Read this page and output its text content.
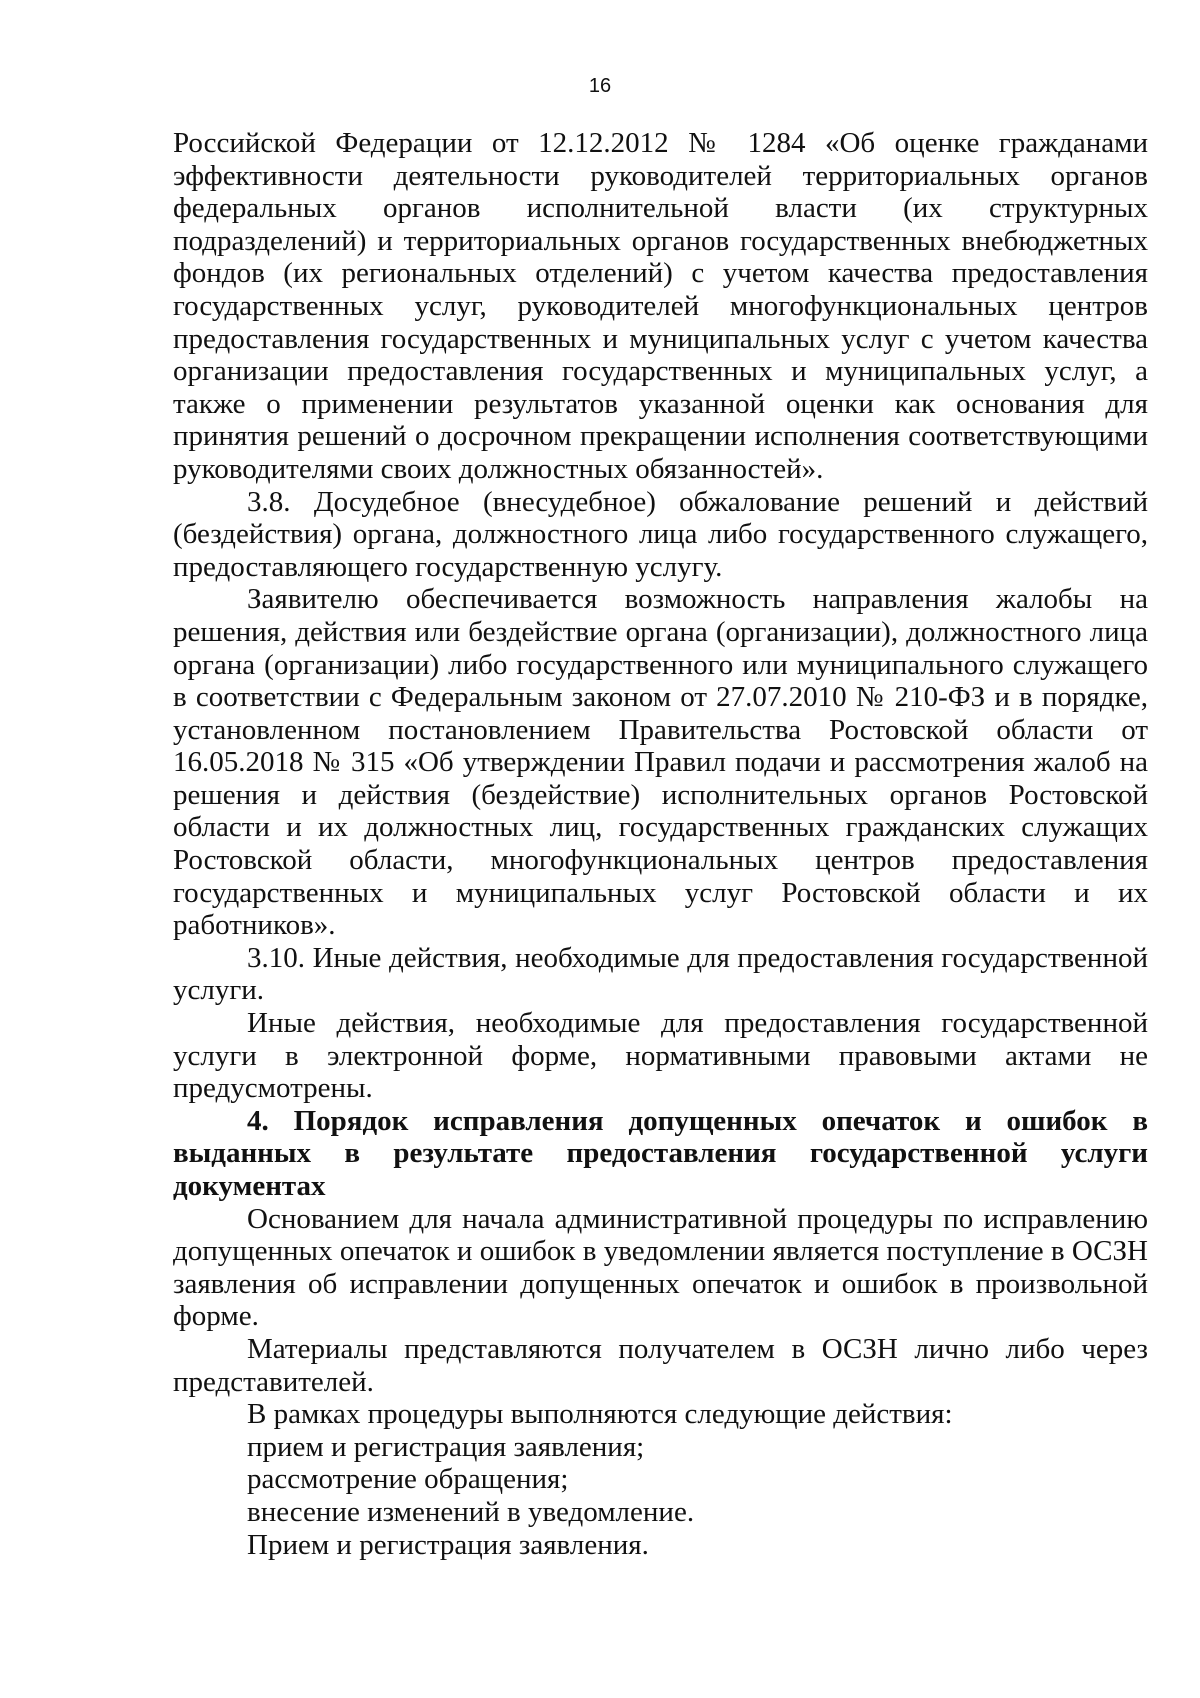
16

Российской Федерации от 12.12.2012 № 1284 «Об оценке гражданами эффективности деятельности руководителей территориальных органов федеральных органов исполнительной власти (их структурных подразделений) и территориальных органов государственных внебюджетных фондов (их региональных отделений) с учетом качества предоставления государственных услуг, руководителей многофункциональных центров предоставления государственных и муниципальных услуг с учетом качества организации предоставления государственных и муниципальных услуг, а также о применении результатов указанной оценки как основания для принятия решений о досрочном прекращении исполнения соответствующими руководителями своих должностных обязанностей».

3.8. Досудебное (внесудебное) обжалование решений и действий (бездействия) органа, должностного лица либо государственного служащего, предоставляющего государственную услугу.

Заявителю обеспечивается возможность направления жалобы на решения, действия или бездействие органа (организации), должностного лица органа (организации) либо государственного или муниципального служащего в соответствии с Федеральным законом от 27.07.2010 № 210-ФЗ и в порядке, установленном постановлением Правительства Ростовской области от 16.05.2018 № 315 «Об утверждении Правил подачи и рассмотрения жалоб на решения и действия (бездействие) исполнительных органов Ростовской области и их должностных лиц, государственных гражданских служащих Ростовской области, многофункциональных центров предоставления государственных и муниципальных услуг Ростовской области и их работников».

3.10. Иные действия, необходимые для предоставления государственной услуги.

Иные действия, необходимые для предоставления государственной услуги в электронной форме, нормативными правовыми актами не предусмотрены.

4. Порядок исправления допущенных опечаток и ошибок в выданных в результате предоставления государственной услуги документах

Основанием для начала административной процедуры по исправлению допущенных опечаток и ошибок в уведомлении является поступление в ОСЗН заявления об исправлении допущенных опечаток и ошибок в произвольной форме.

Материалы представляются получателем в ОСЗН лично либо через представителей.

В рамках процедуры выполняются следующие действия:

прием и регистрация заявления;

рассмотрение обращения;

внесение изменений в уведомление.

Прием и регистрация заявления.
